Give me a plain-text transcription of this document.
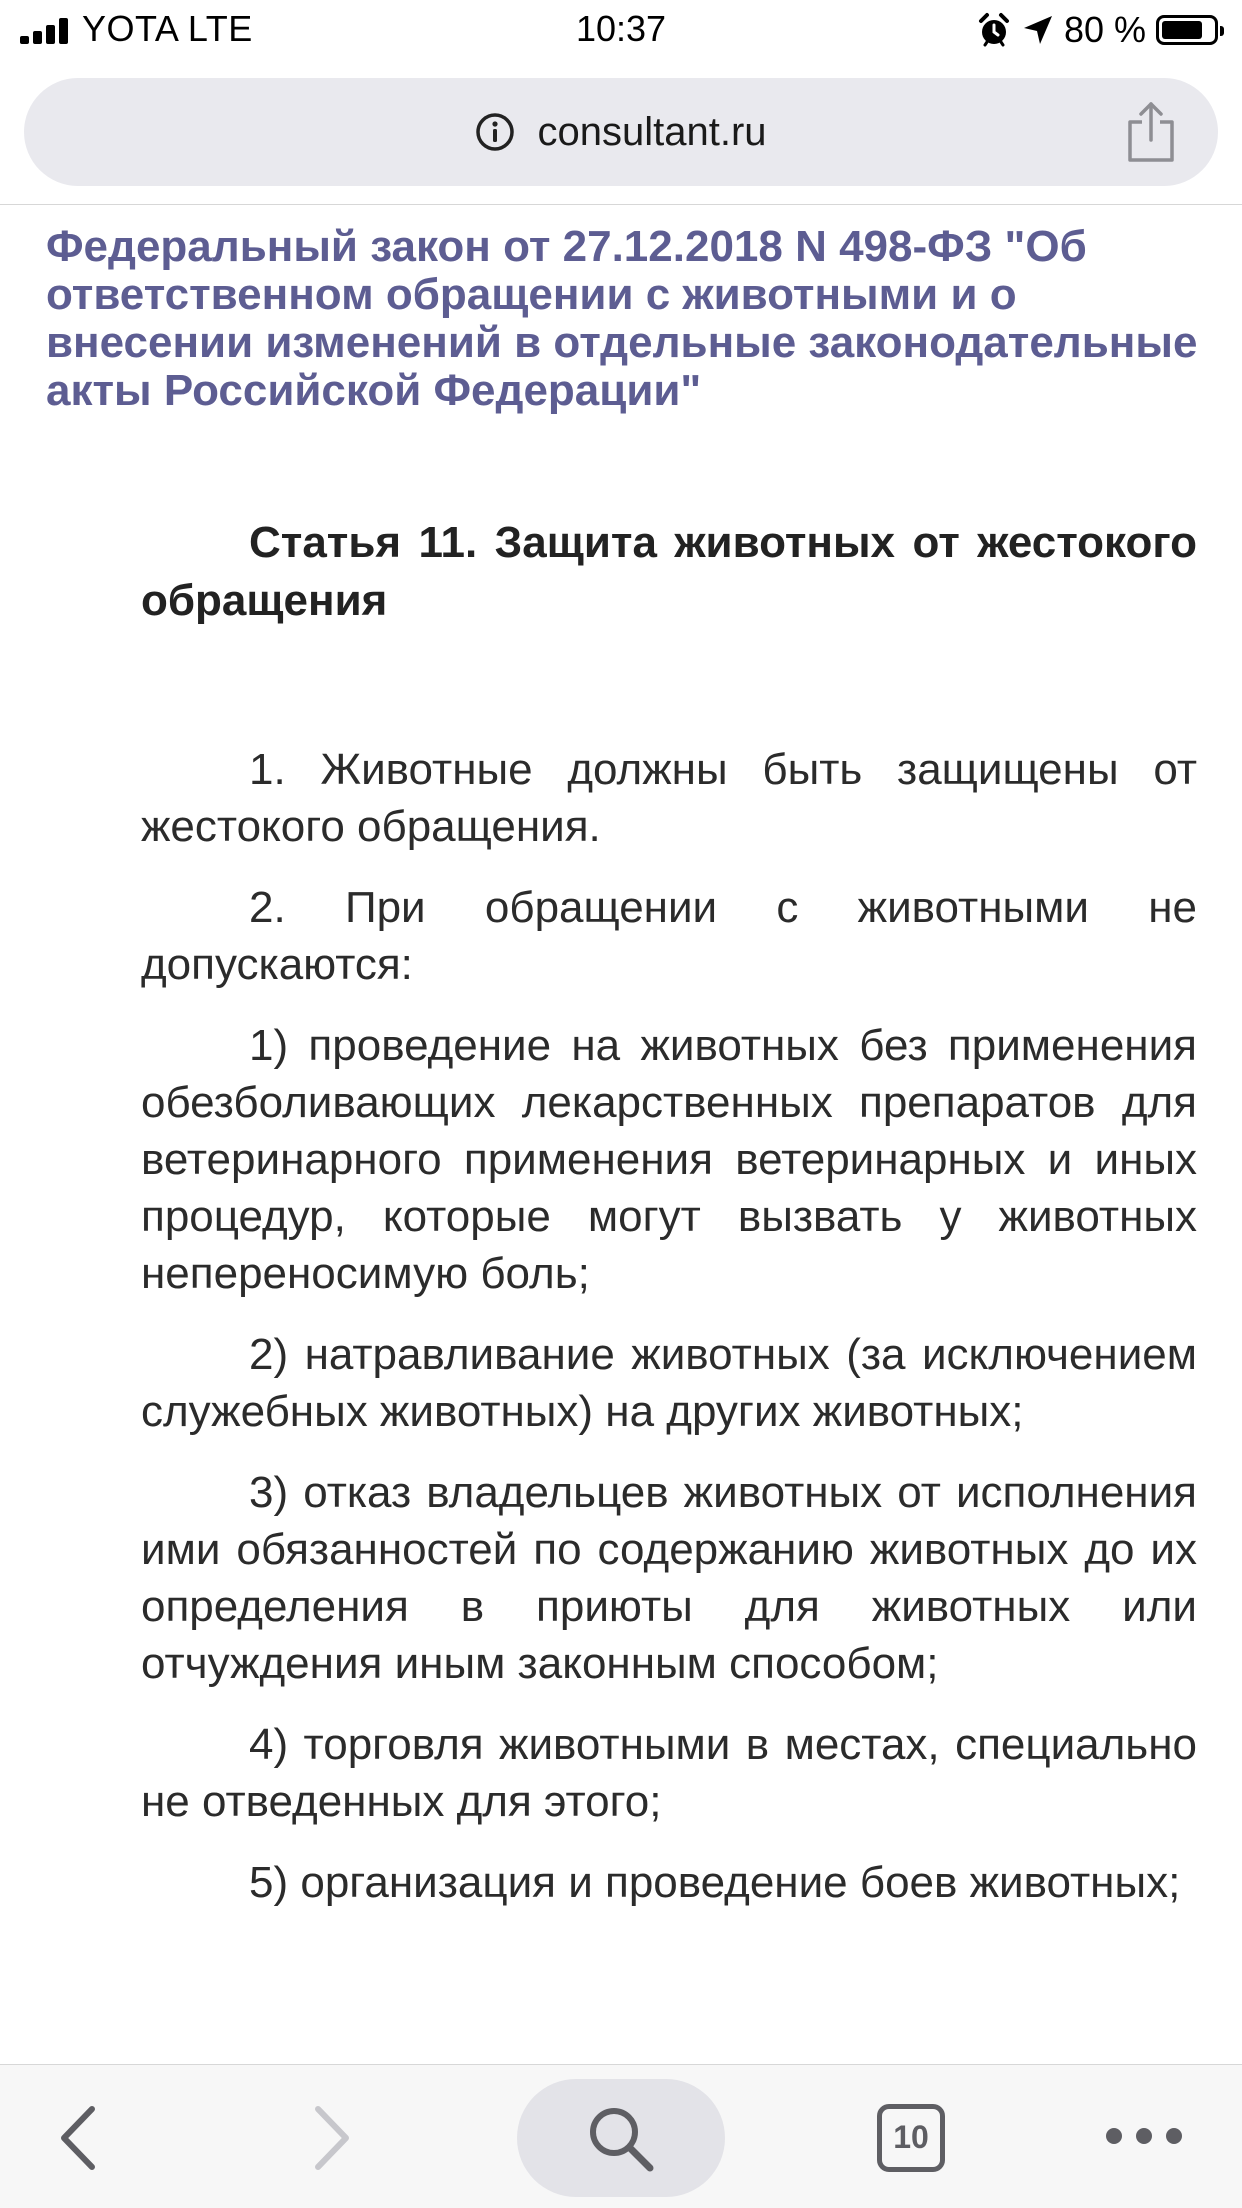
YOTA LTE	10:37	80 %
consultant.ru
Федеральный закон от 27.12.2018 N 498-ФЗ "Об ответственном обращении с животными и о внесении изменений в отдельные законодательные акты Российской Федерации"
Статья 11. Защита животных от жестокого обращения

1. Животные должны быть защищены от жестокого обращения.

2. При обращении с животными не допускаются:

1) проведение на животных без применения обезболивающих лекарственных препаратов для ветеринарного применения ветеринарных и иных процедур, которые могут вызвать у животных непереносимую боль;

2) натравливание животных (за исключением служебных животных) на других животных;

3) отказ владельцев животных от исполнения ими обязанностей по содержанию животных до их определения в приюты для животных или отчуждения иным законным способом;

4) торговля животными в местах, специально не отведенных для этого;

5) организация и проведение боев животных;

10
